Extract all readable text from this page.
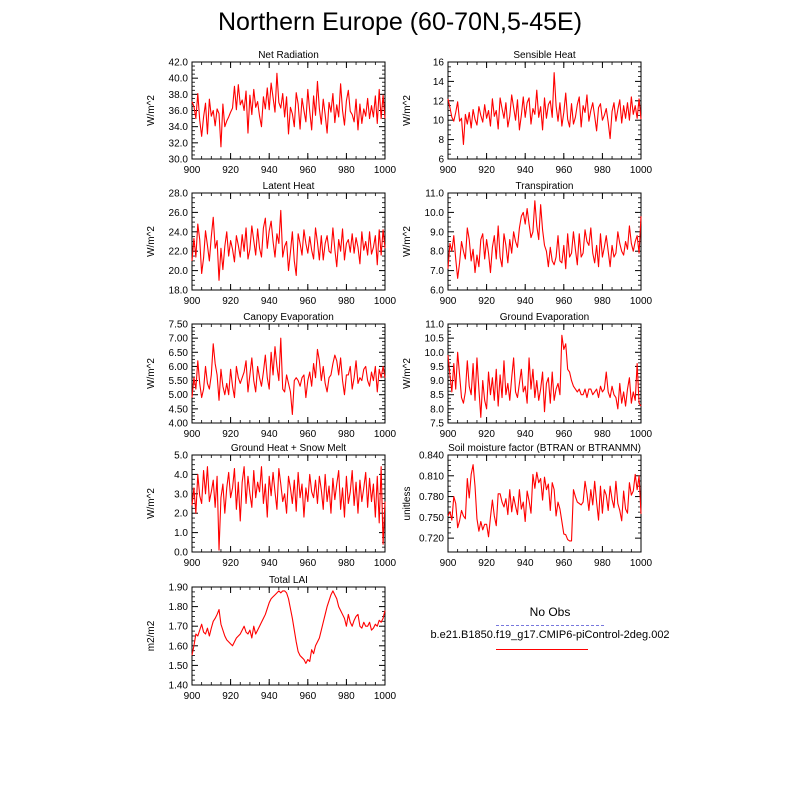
Northern Europe (60-70N,5-45E)
Net Radiation
W/m^2
900 920 940 960 980 1000
30.0
32.0
34.0
36.0
38.0
40.0
42.0
Sensible Heat
W/m^2
900 920 940 960 980 1000
6
8
10
12
14
16
Latent Heat
W/m^2
900 920 940 960 980 1000
18.0
20.0
22.0
24.0
26.0
28.0
Transpiration
W/m^2
900 920 940 960 980 1000
6.0
7.0
8.0
9.0
10.0
11.0
Canopy Evaporation
W/m^2
900 920 940 960 980 1000
4.00
4.50
5.00
5.50
6.00
6.50
7.00
7.50
Ground Evaporation
W/m^2
900 920 940 960 980 1000
7.5
8.0
8.5
9.0
9.5
10.0
10.5
11.0
Ground Heat + Snow Melt
W/m^2
900 920 940 960 980 1000
0.0
1.0
2.0
3.0
4.0
5.0
Soil moisture factor (BTRAN or BTRANMN)
unitless
900 920 940 960 980 1000
0.720
0.750
0.780
0.810
0.840
Total LAI
m2/m2
900 920 940 960 980 1000
1.40
1.50
1.60
1.70
1.80
1.90
No Obs
b.e21.B1850.f19_g17.CMIP6-piControl-2deg.002
